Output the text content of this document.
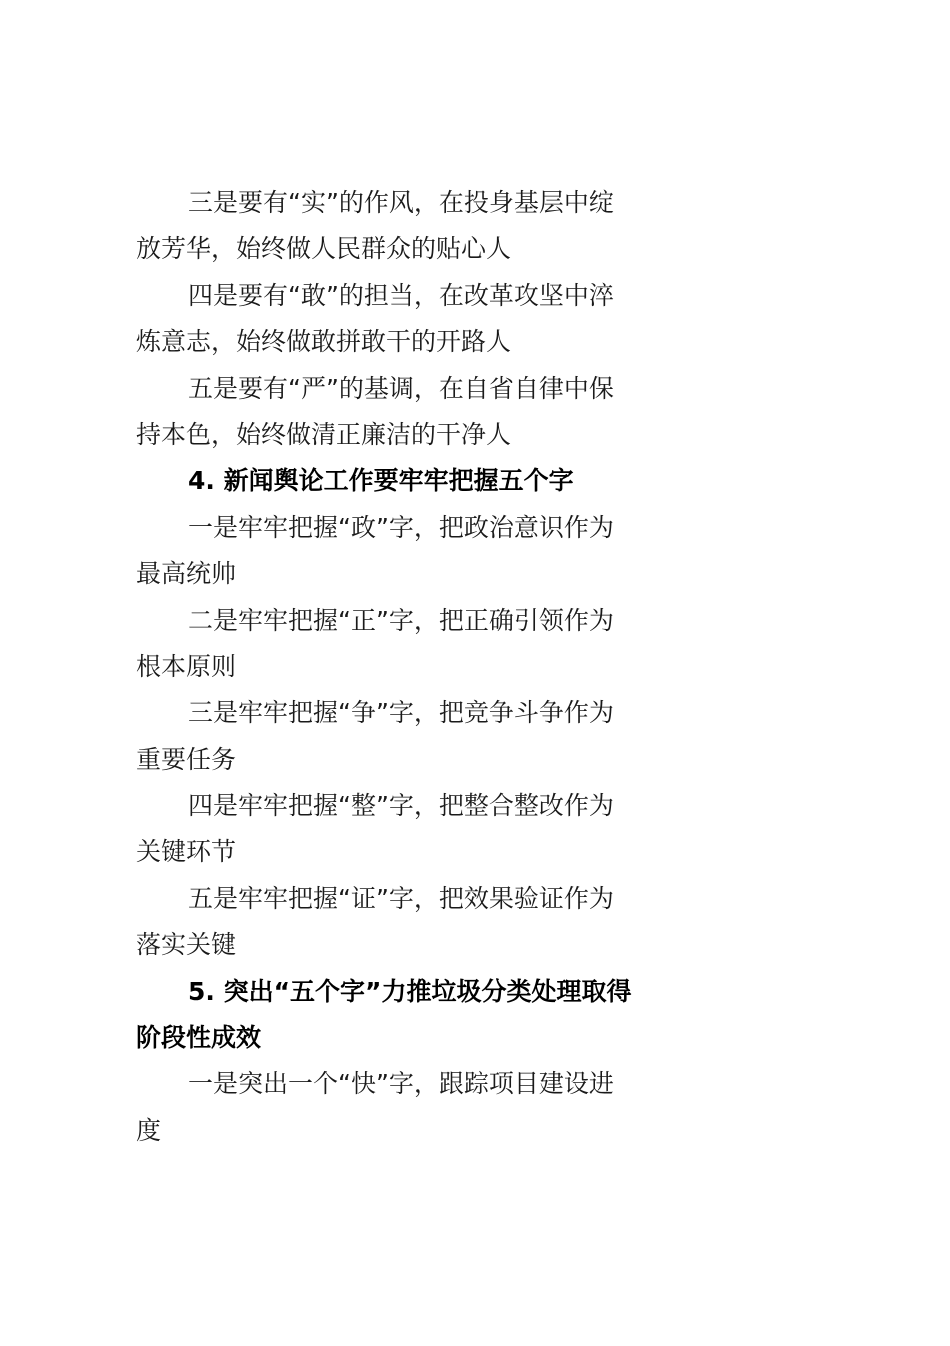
三是要有“实”的作风，在投身基层中绽
放芳华，始终做人民群众的贴心人
四是要有“敢”的担当，在改革攻坚中淬
炼意志，始终做敢拼敢干的开路人
五是要有“严”的基调，在自省自律中保
持本色，始终做清正廉洁的干净人
4. 新闻舆论工作要牢牢把握五个字
一是牢牢把握“政”字，把政治意识作为
最高统帅
二是牢牢把握“正”字，把正确引领作为
根本原则
三是牢牢把握“争”字，把竞争斗争作为
重要任务
四是牢牢把握“整”字，把整合整改作为
关键环节
五是牢牢把握“证”字，把效果验证作为
落实关键
5. 突出“五个字”力推垃圾分类处理取得
阶段性成效
一是突出一个“快”字，跟踪项目建设进
度
